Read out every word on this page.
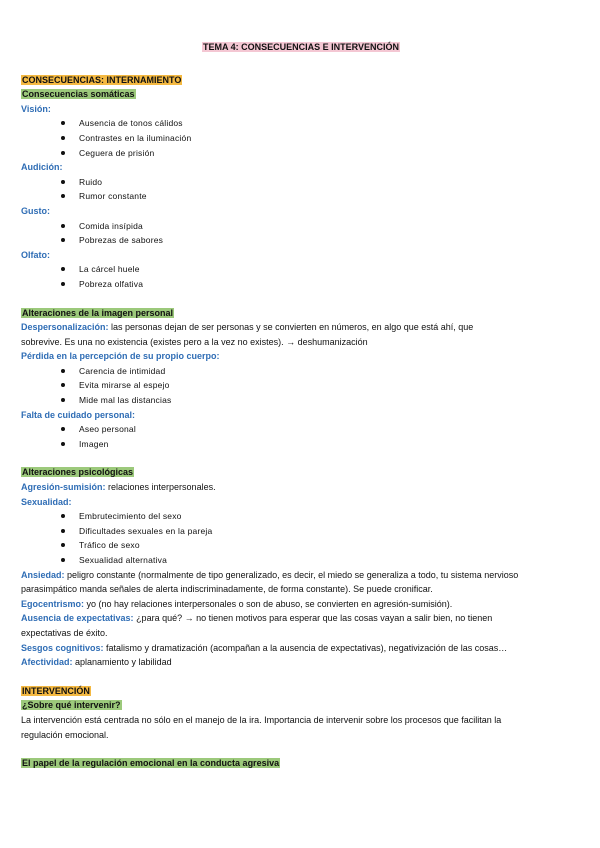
TEMA 4: CONSECUENCIAS E INTERVENCIÓN
CONSECUENCIAS: INTERNAMIENTO
Consecuencias somáticas
Visión:
Ausencia de tonos cálidos
Contrastes en la iluminación
Ceguera de prisión
Audición:
Ruido
Rumor constante
Gusto:
Comida insípida
Pobrezas de sabores
Olfato:
La cárcel huele
Pobreza olfativa
Alteraciones de la imagen personal
Despersonalización: las personas dejan de ser personas y se convierten en números, en algo que está ahí, que
sobrevive. Es una no existencia (existes pero a la vez no existes). → deshumanización
Pérdida en la percepción de su propio cuerpo:
Carencia de intimidad
Evita mirarse al espejo
Mide mal las distancias
Falta de cuidado personal:
Aseo personal
Imagen
Alteraciones psicológicas
Agresión-sumisión: relaciones interpersonales.
Sexualidad:
Embrutecimiento del sexo
Dificultades sexuales en la pareja
Tráfico de sexo
Sexualidad alternativa
Ansiedad: peligro constante (normalmente de tipo generalizado, es decir, el miedo se generaliza a todo, tu sistema nervioso
parasimpático manda señales de alerta indiscriminadamente, de forma constante). Se puede cronificar.
Egocentrismo: yo (no hay relaciones interpersonales o son de abuso, se convierten en agresión-sumisión).
Ausencia de expectativas: ¿para qué? → no tienen motivos para esperar que las cosas vayan a salir bien, no tienen
expectativas de éxito.
Sesgos cognitivos: fatalismo y dramatización (acompañan a la ausencia de expectativas), negativización de las cosas…
Afectividad: aplanamiento y labilidad
INTERVENCIÓN
¿Sobre qué intervenir?
La intervención está centrada no sólo en el manejo de la ira. Importancia de intervenir sobre los procesos que facilitan la
regulación emocional.
El papel de la regulación emocional en la conducta agresiva
